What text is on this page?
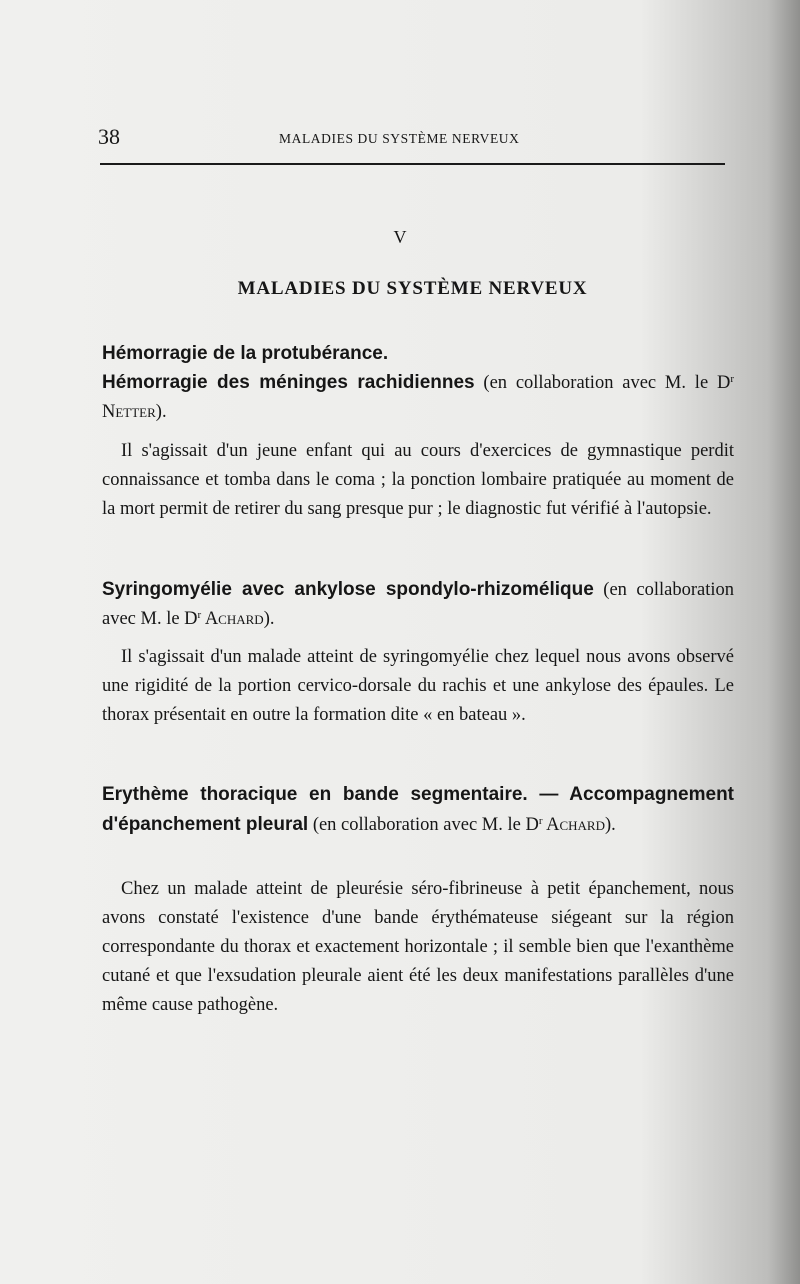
38	MALADIES DU SYSTÈME NERVEUX
V
MALADIES DU SYSTÈME NERVEUX

Hémorragie de la protubérance.

Hémorragie des méninges rachidiennes (en collaboration avec M. le $D^r$ Netter).

Il s'agissait d'un jeune enfant qui au cours d'exercices de gymnastique perdit connaissance et tomba dans le coma ; la ponction lombaire pratiquée au moment de la mort permit de retirer du sang presque pur ; le diagnostic fut vérifié à l'autopsie.

Syringomyélie avec ankylose spondylo-rhizomélique (en collaboration avec M. le $D^r$ Achard).

Il s'agissait d'un malade atteint de syringomyélie chez lequel nous avons observé une rigidité de la portion cervico-dorsale du rachis et une ankylose des épaules. Le thorax présentait en outre la formation dite « en bateau ».

Erythème thoracique en bande segmentaire. — Accompagnement d'épanchement pleural (en collaboration avec M. le $D^r$ Achard).

Chez un malade atteint de pleurésie séro-fibrineuse à petit épanchement, nous avons constaté l'existence d'une bande érythémateuse siégeant sur la région correspondante du thorax et exactement horizontale ; il semble bien que l'exanthème cutané et que l'exsudation pleurale aient été les deux manifestations parallèles d'une même cause pathogène.
